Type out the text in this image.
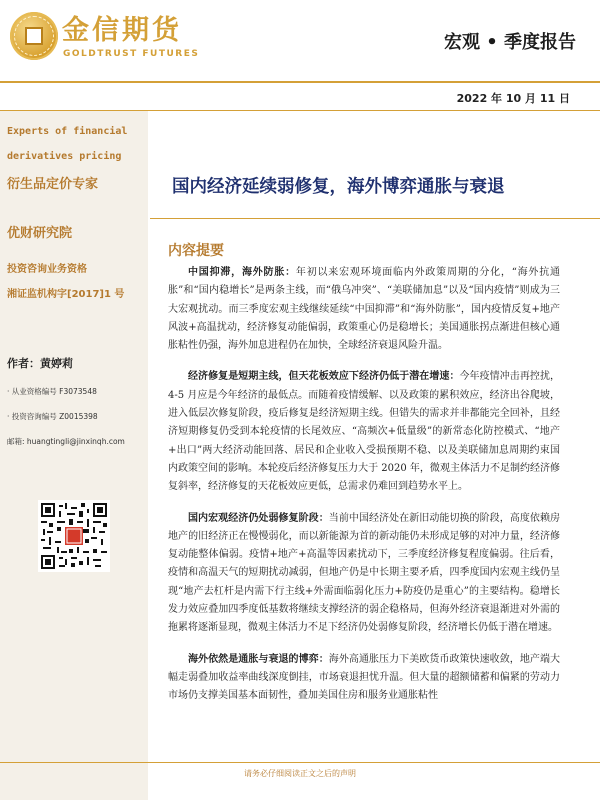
金信期货
GOLDTRUST FUTURES
宏观 • 季度报告
2022 年 10 月 11 日
Experts of financial
derivatives pricing
衍生品定价专家
优财研究院
投资咨询业务资格
湘证监机构字[2017]1 号
作者：黄婷莉
· 从业资格编号 F3073548
· 投资咨询编号 Z0015398
邮箱: huangtingli@jinxinqh.com
国内经济延续弱修复，海外博弈通胀与衰退
内容提要

中国抑滞，海外防胀：年初以来宏观环境面临内外政策周期的分化，“海外抗通胀”和“国内稳增长”是两条主线，而“俄乌冲突”、“美联储加息”以及“国内疫情”则成为三大宏观扰动。而三季度宏观主线继续延续“中国抑滞”和“海外防胀”，国内疫情反复+地产风波+高温扰动，经济修复动能偏弱，政策重心仍是稳增长；美国通胀拐点渐进但核心通胀粘性仍强，海外加息进程仍在加快，全球经济衰退风险升温。

经济修复是短期主线，但天花板效应下经济仍低于潜在增速：今年疫情冲击再控扰，4-5 月应是今年经济的最低点。而随着疫情缓解、以及政策的累积效应，经济出谷爬坡，进入低层次修复阶段，疫后修复是经济短期主线。但错失的需求并非都能完全回补，且经济短期修复仍受到本轮疫情的长尾效应、“高频次+低量级”的新常态化防控模式、“地产+出口”两大经济动能回落、居民和企业收入受损预期不稳、以及美联储加息周期约束国内政策空间的影响。本轮疫后经济修复压力大于 2020 年，微观主体活力不足制约经济修复斜率，经济修复的天花板效应更低，总需求仍难回到趋势水平上。

国内宏观经济仍处弱修复阶段：当前中国经济处在新旧动能切换的阶段，高度依赖房地产的旧经济正在慢慢弱化，而以新能源为首的新动能仍未形成足够的对冲力量，经济修复动能整体偏弱。疫情+地产+高温等因素扰动下，三季度经济修复程度偏弱。往后看，疫情和高温天气的短期扰动减弱，但地产仍是中长期主要矛盾，四季度国内宏观主线仍呈现“地产去杠杆是内需下行主线+外需面临弱化压力+防疫仍是重心”的主要结构。稳增长发力效应叠加四季度低基数将继续支撑经济的弱企稳格局，但海外经济衰退渐进对外需的拖累将逐渐显现，微观主体活力不足下经济仍处弱修复阶段，经济增长仍低于潜在增速。

海外依然是通胀与衰退的博弈：海外高通胀压力下美欧货币政策快速收敛，地产端大幅走弱叠加收益率曲线深度倒挂，市场衰退担忧升温。但大量的超额储蓄和偏紧的劳动力市场仍支撑美国基本面韧性，叠加美国住房和服务业通胀粘性

请务必仔细阅读正文之后的声明
